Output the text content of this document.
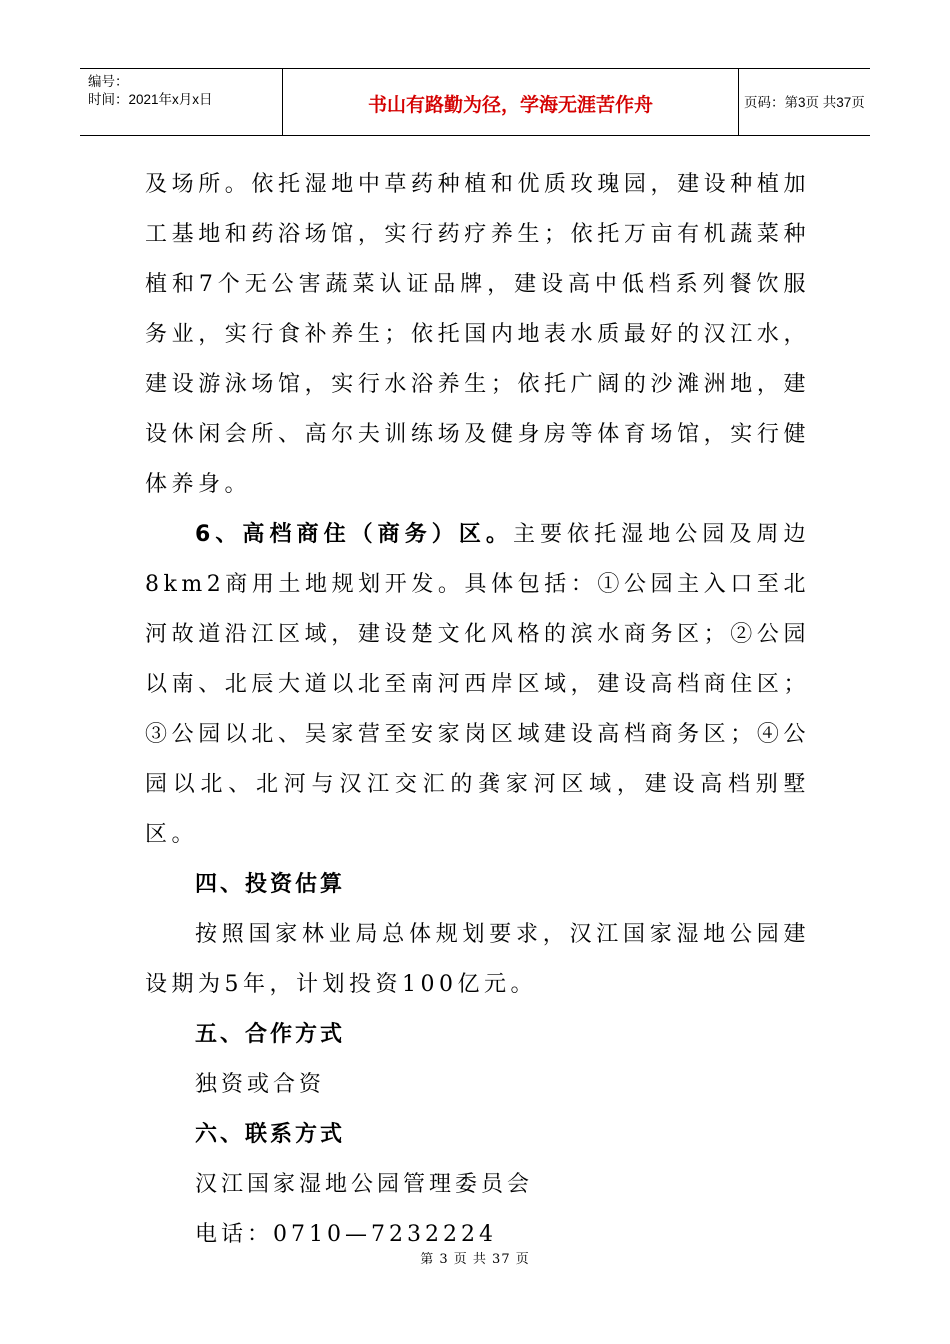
编号：
时间：2021年x月x日	书山有路勤为径，学海无涯苦作舟	页码：第3页 共37页

及场所。依托湿地中草药种植和优质玫瑰园，建设种植加工基地和药浴场馆，实行药疗养生；依托万亩有机蔬菜种植和7个无公害蔬菜认证品牌，建设高中低档系列餐饮服务业，实行食补养生；依托国内地表水质最好的汉江水，建设游泳场馆，实行水浴养生；依托广阔的沙滩洲地，建设休闲会所、高尔夫训练场及健身房等体育场馆，实行健体养身。

6、高档商住（商务）区。主要依托湿地公园及周边8km2商用土地规划开发。具体包括：①公园主入口至北河故道沿江区域，建设楚文化风格的滨水商务区；②公园以南、北辰大道以北至南河西岸区域，建设高档商住区；③公园以北、吴家营至安家岗区域建设高档商务区；④公园以北、北河与汉江交汇的龚家河区域，建设高档别墅区。

四、投资估算

按照国家林业局总体规划要求，汉江国家湿地公园建设期为5年，计划投资100亿元。

五、合作方式

独资或合资

六、联系方式

汉江国家湿地公园管理委员会

电话：0710—7232224

第 3 页 共 37 页
